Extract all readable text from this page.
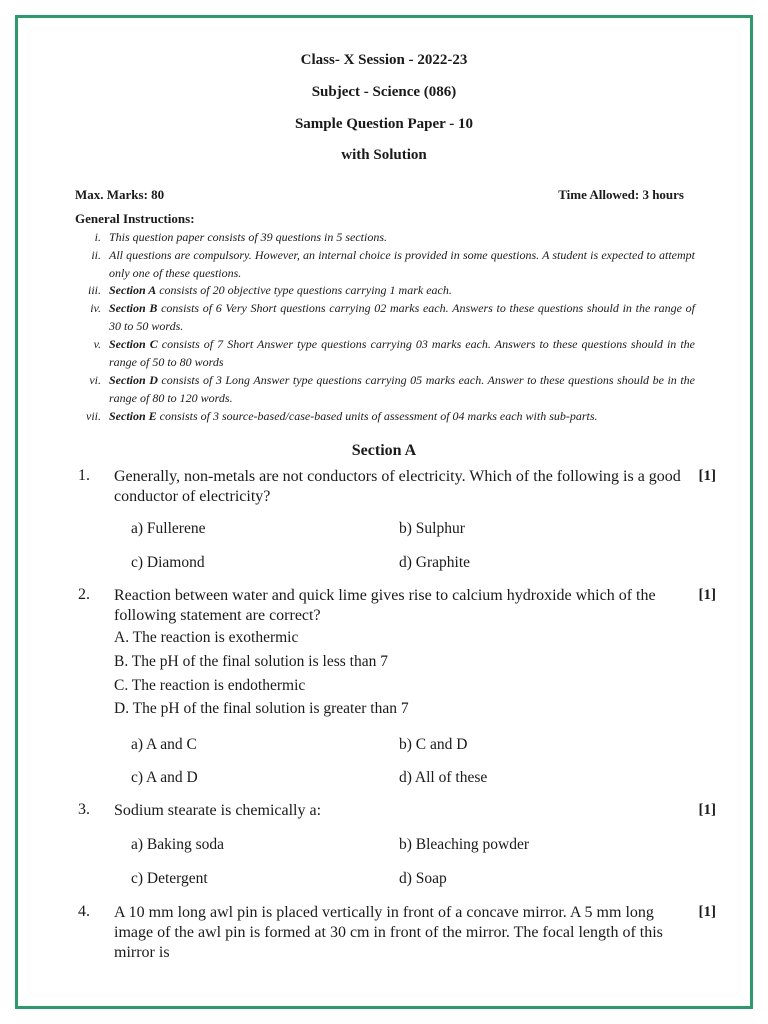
Class- X Session - 2022-23
Subject - Science (086)
Sample Question Paper - 10
with Solution
Max. Marks: 80	Time Allowed: 3 hours
General Instructions:
i. This question paper consists of 39 questions in 5 sections.
ii. All questions are compulsory. However, an internal choice is provided in some questions. A student is expected to attempt only one of these questions.
iii. Section A consists of 20 objective type questions carrying 1 mark each.
iv. Section B consists of 6 Very Short questions carrying 02 marks each. Answers to these questions should in the range of 30 to 50 words.
v. Section C consists of 7 Short Answer type questions carrying 03 marks each. Answers to these questions should in the range of 50 to 80 words
vi. Section D consists of 3 Long Answer type questions carrying 05 marks each. Answer to these questions should be in the range of 80 to 120 words.
vii. Section E consists of 3 source-based/case-based units of assessment of 04 marks each with sub-parts.
Section A
1. Generally, non-metals are not conductors of electricity. Which of the following is a good conductor of electricity?
[1]
a) Fullerene	b) Sulphur
c) Diamond	d) Graphite
2. Reaction between water and quick lime gives rise to calcium hydroxide which of the following statement are correct?
[1]
A. The reaction is exothermic
B. The pH of the final solution is less than 7
C. The reaction is endothermic
D. The pH of the final solution is greater than 7
a) A and C	b) C and D
c) A and D	d) All of these
3. Sodium stearate is chemically a:	[1]
a) Baking soda	b) Bleaching powder
c) Detergent	d) Soap
4. A 10 mm long awl pin is placed vertically in front of a concave mirror. A 5 mm long image of the awl pin is formed at 30 cm in front of the mirror. The focal length of this mirror is
[1]
